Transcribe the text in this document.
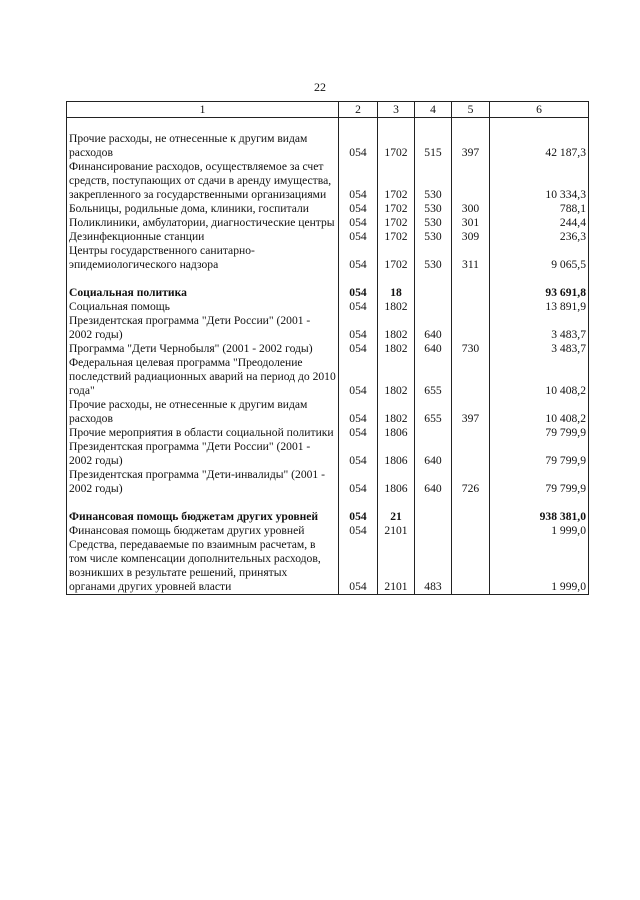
22
1	2	3	4	5	6

Прочие расходы, не отнесенные к другим видам расходов	054	1702	515	397	42 187,3
Финансирование расходов, осуществляемое за счет средств, поступающих от сдачи в аренду имущества, закрепленного за государственными организациями	054	1702	530		10 334,3
Больницы, родильные дома, клиники, госпитали	054	1702	530	300	788,1
Поликлиники, амбулатории, диагностические центры	054	1702	530	301	244,4
Дезинфекционные станции	054	1702	530	309	236,3
Центры государственного санитарно-эпидемиологического надзора	054	1702	530	311	9 065,5

Социальная политика	054	18			93 691,8
Социальная помощь	054	1802			13 891,9
Президентская программа "Дети России" (2001 - 2002 годы)	054	1802	640		3 483,7
Программа "Дети Чернобыля" (2001 - 2002 годы)	054	1802	640	730	3 483,7
Федеральная целевая программа "Преодоление последствий радиационных аварий на период до 2010 года"	054	1802	655		10 408,2
Прочие расходы, не отнесенные к другим видам расходов	054	1802	655	397	10 408,2
Прочие мероприятия в области социальной политики	054	1806			79 799,9
Президентская программа "Дети России" (2001 - 2002 годы)	054	1806	640		79 799,9
Президентская программа "Дети-инвалиды" (2001 - 2002 годы)	054	1806	640	726	79 799,9

Финансовая помощь бюджетам других уровней	054	21			938 381,0
Финансовая помощь бюджетам других уровней	054	2101			1 999,0
Средства, передаваемые по взаимным расчетам, в том числе компенсации дополнительных расходов, возникших в результате решений, принятых органами других уровней власти	054	2101	483		1 999,0
